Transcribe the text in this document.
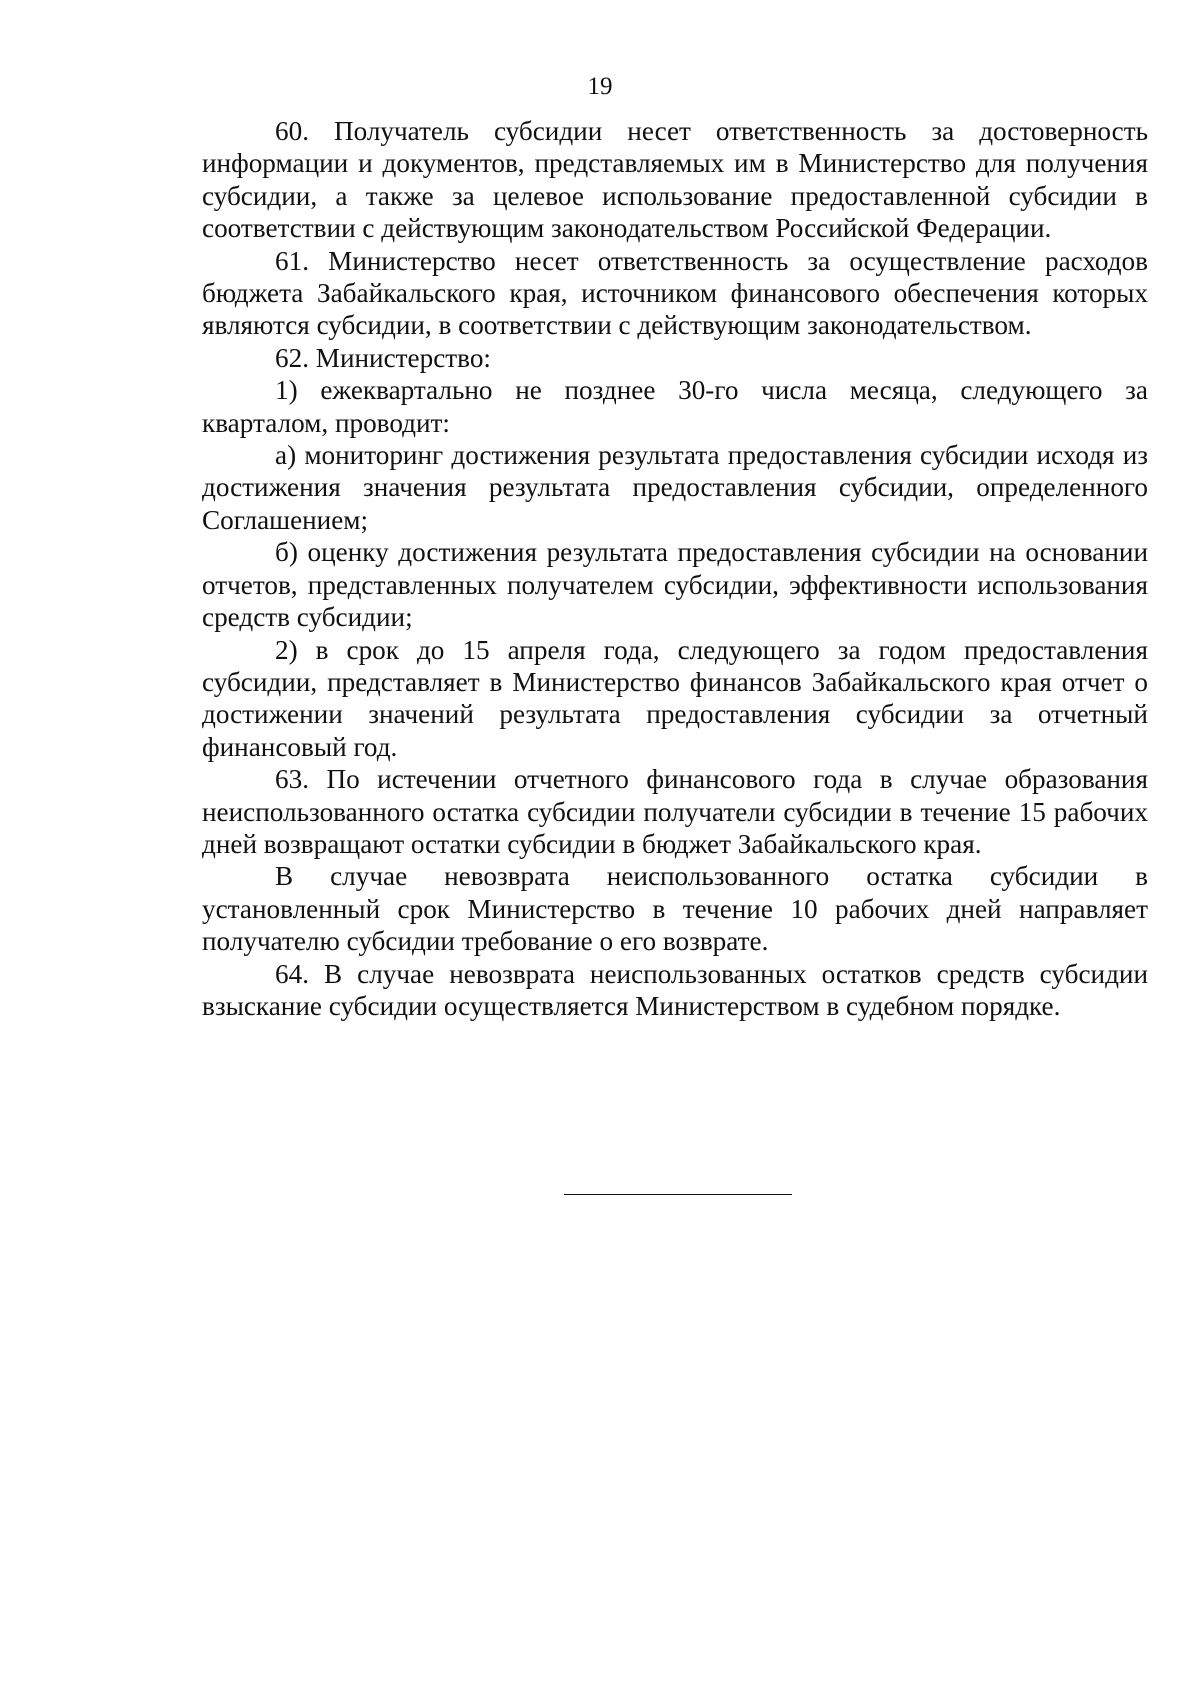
19

60. Получатель субсидии несет ответственность за достоверность информации и документов, представляемых им в Министерство для получения субсидии, а также за целевое использование предоставленной субсидии в соответствии с действующим законодательством Российской Федерации.

61. Министерство несет ответственность за осуществление расходов бюджета Забайкальского края, источником финансового обеспечения которых являются субсидии, в соответствии с действующим законодательством.

62. Министерство:

1) ежеквартально не позднее 30-го числа месяца, следующего за кварталом, проводит:

а) мониторинг достижения результата предоставления субсидии исходя из достижения значения результата предоставления субсидии, определенного Соглашением;

б) оценку достижения результата предоставления субсидии на основании отчетов, представленных получателем субсидии, эффективности использования средств субсидии;

2) в срок до 15 апреля года, следующего за годом предоставления субсидии, представляет в Министерство финансов Забайкальского края отчет о достижении значений результата предоставления субсидии за отчетный финансовый год.

63. По истечении отчетного финансового года в случае образования неиспользованного остатка субсидии получатели субсидии в течение 15 рабочих дней возвращают остатки субсидии в бюджет Забайкальского края.

В случае невозврата неиспользованного остатка субсидии в установленный срок Министерство в течение 10 рабочих дней направляет получателю субсидии требование о его возврате.

64. В случае невозврата неиспользованных остатков средств субсидии взыскание субсидии осуществляется Министерством в судебном порядке.
